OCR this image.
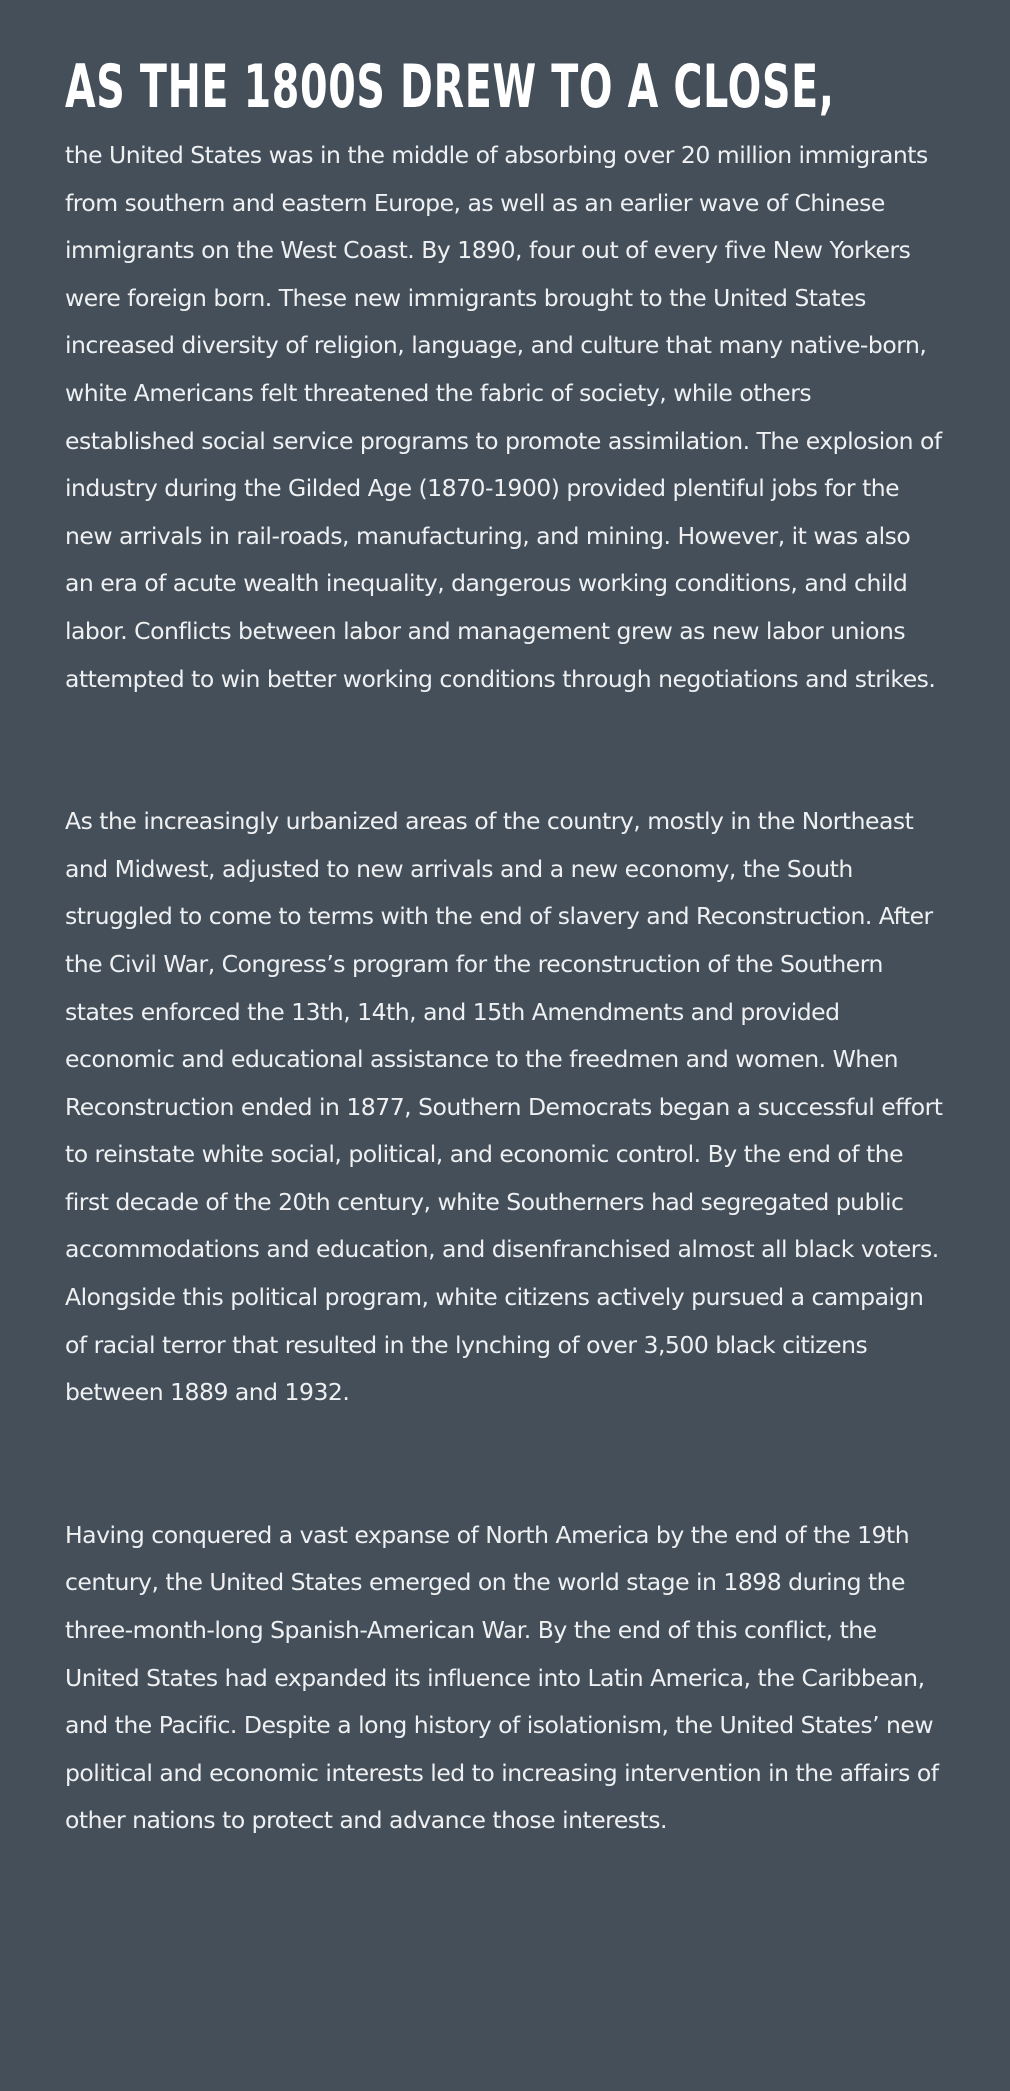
AS THE 1800S DREW TO A CLOSE,

the United States was in the middle of absorbing over 20 million immigrants from southern and eastern Europe, as well as an earlier wave of Chinese immigrants on the West Coast. By 1890, four out of every five New Yorkers were foreign born. These new immigrants brought to the United States increased diversity of religion, language, and culture that many native-born, white Americans felt threatened the fabric of society, while others established social service programs to promote assimilation. The explosion of industry during the Gilded Age (1870-1900) provided plentiful jobs for the new arrivals in rail-roads, manufacturing, and mining. However, it was also an era of acute wealth inequality, dangerous working conditions, and child labor. Conflicts between labor and management grew as new labor unions attempted to win better working conditions through negotiations and strikes.

As the increasingly urbanized areas of the country, mostly in the Northeast and Midwest, adjusted to new arrivals and a new economy, the South struggled to come to terms with the end of slavery and Reconstruction. After the Civil War, Congress’s program for the reconstruction of the Southern states enforced the 13th, 14th, and 15th Amendments and provided economic and educational assistance to the freedmen and women. When Reconstruction ended in 1877, Southern Democrats began a successful effort to reinstate white social, political, and economic control. By the end of the first decade of the 20th century, white Southerners had segregated public accommodations and education, and disenfranchised almost all black voters. Alongside this political program, white citizens actively pursued a campaign of racial terror that resulted in the lynching of over 3,500 black citizens between 1889 and 1932.

Having conquered a vast expanse of North America by the end of the 19th century, the United States emerged on the world stage in 1898 during the three-month-long Spanish-American War. By the end of this conflict, the United States had expanded its influence into Latin America, the Caribbean, and the Pacific. Despite a long history of isolationism, the United States’ new political and economic interests led to increasing intervention in the affairs of other nations to protect and advance those interests.
